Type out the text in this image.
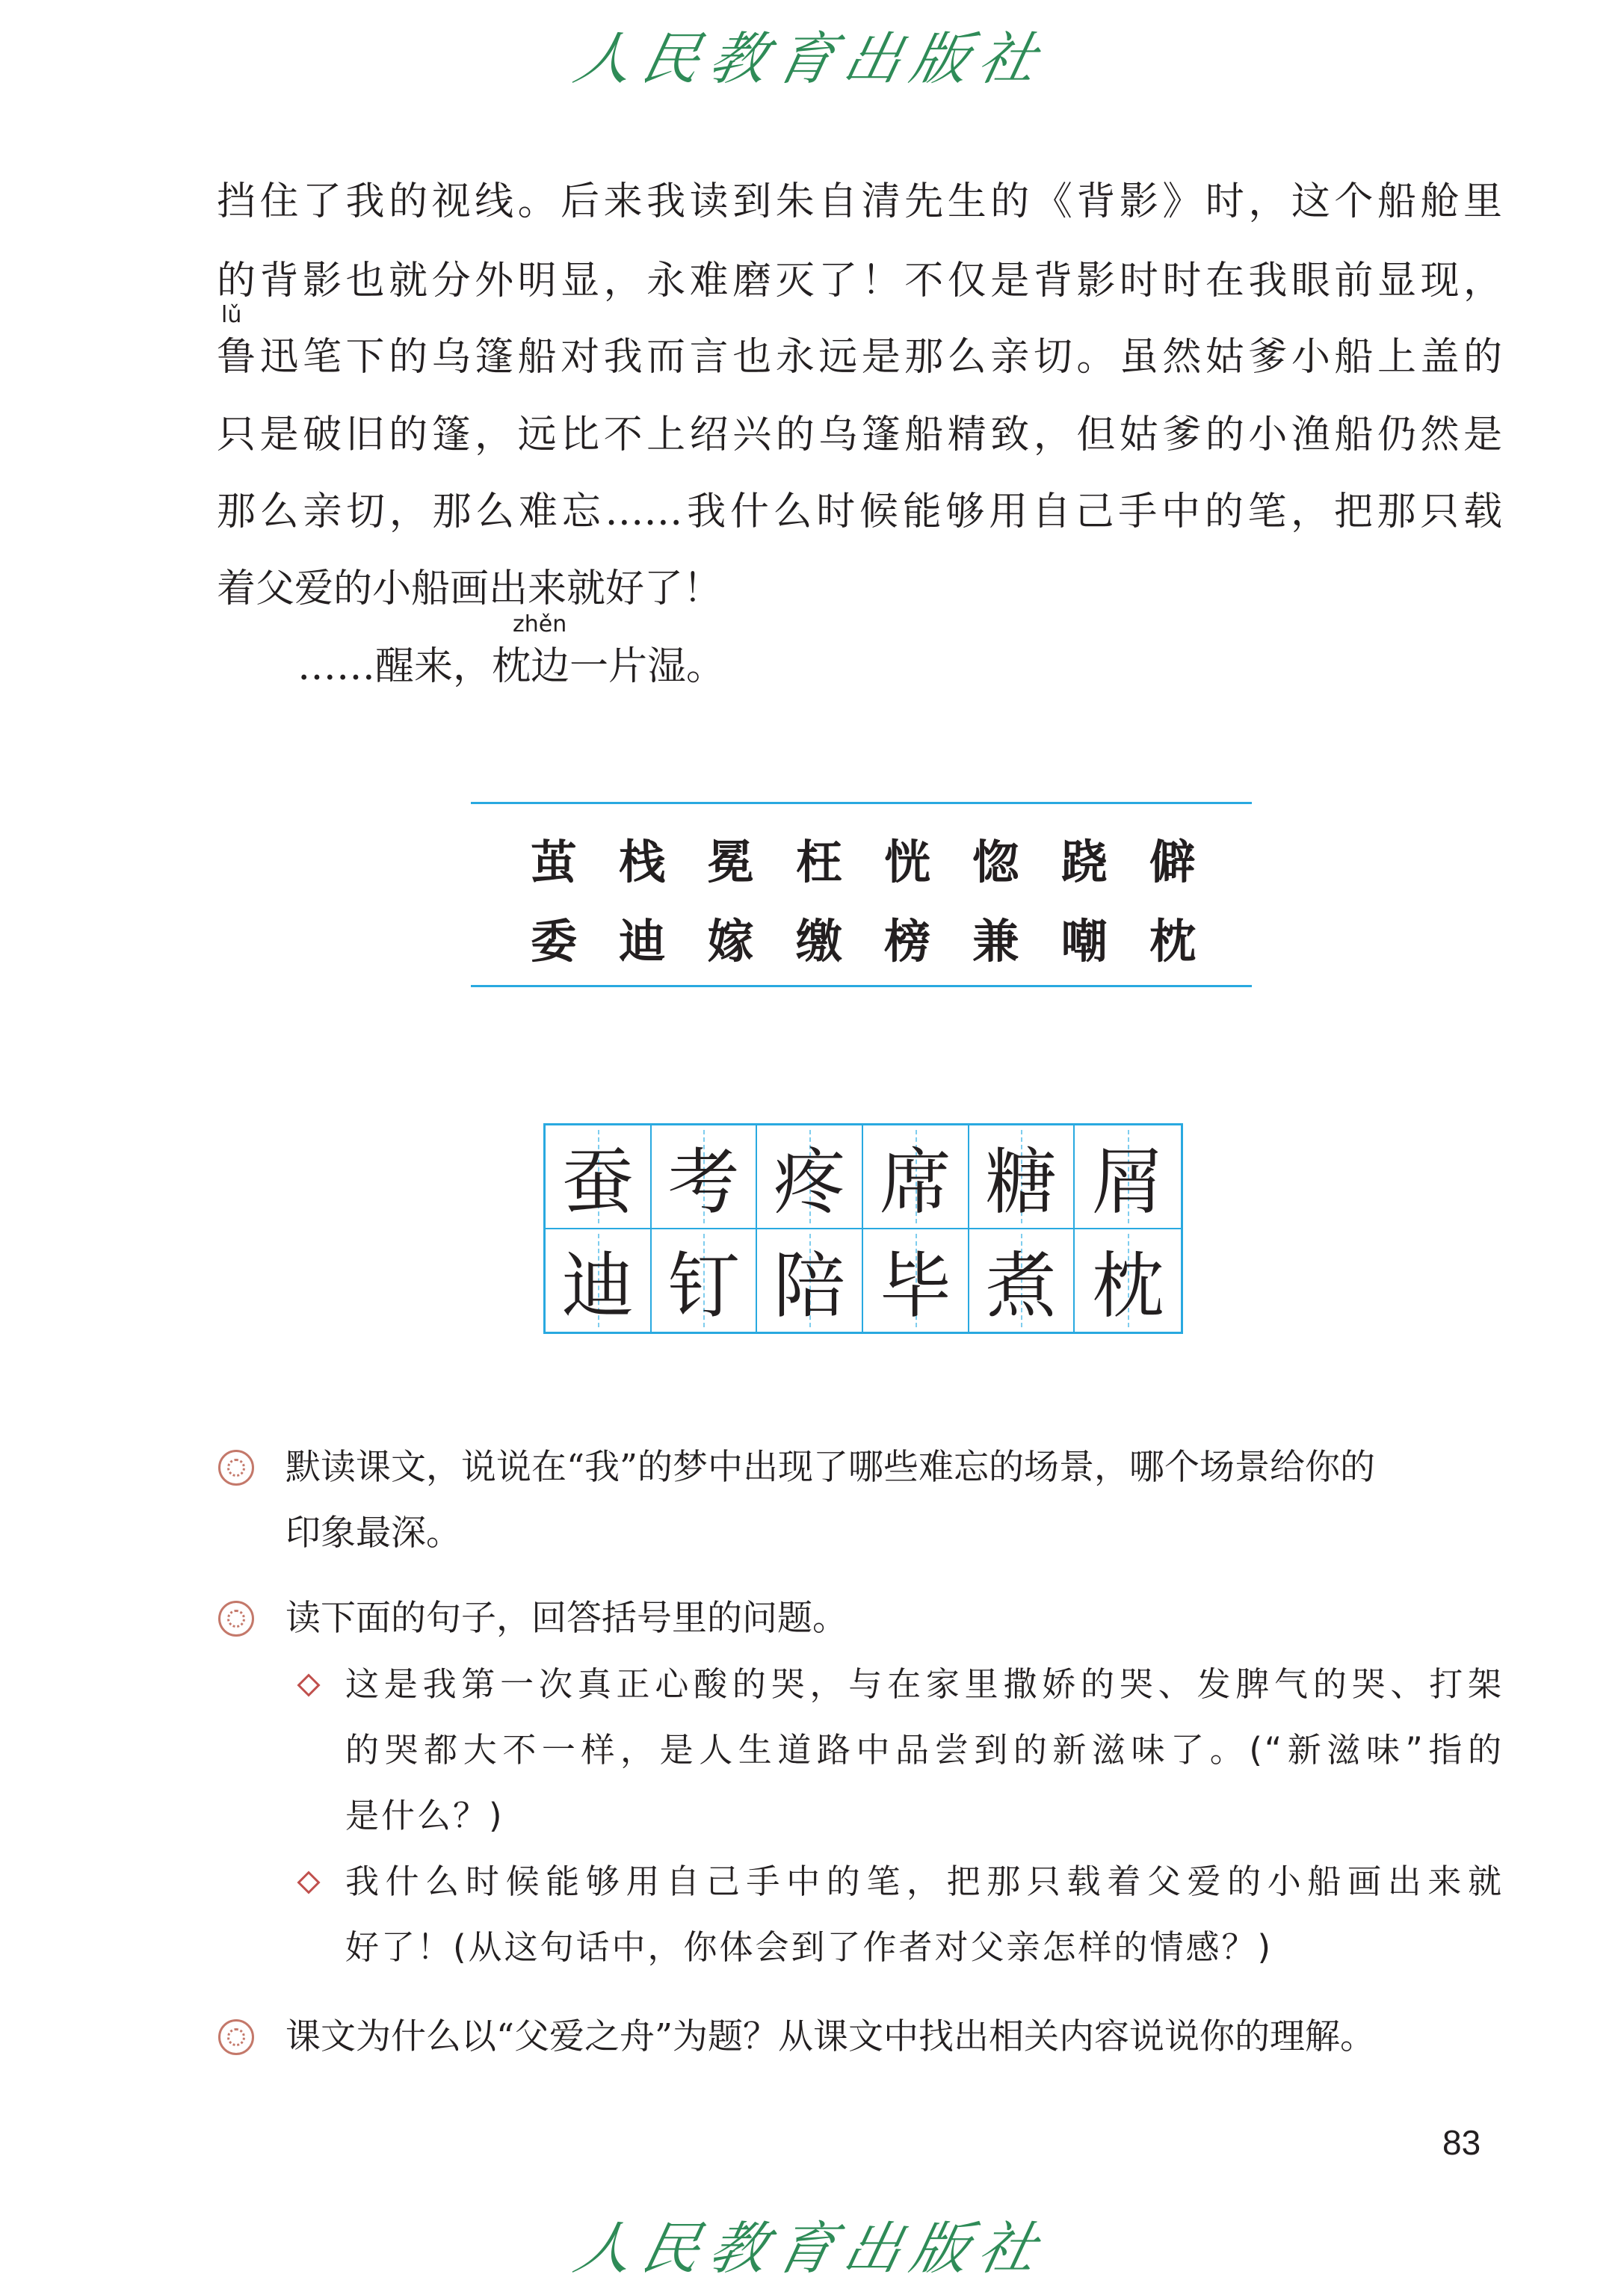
人民教育出版社
挡住了我的视线。后来我读到朱自清先生的《背影》时，这个船舱里
的背影也就分外明显，永难磨灭了！不仅是背影时时在我眼前显现，
lǔ
鲁迅笔下的乌篷船对我而言也永远是那么亲切。虽然姑爹小船上盖的
只是破旧的篷，远比不上绍兴的乌篷船精致，但姑爹的小渔船仍然是
那么亲切，那么难忘……我什么时候能够用自己手中的笔，把那只载
着父爱的小船画出来就好了！
zhěn
……醒来，枕边一片湿。
茧 栈 冕 枉 恍 惚 跷 僻
委 迪 嫁 缴 榜 兼 嘲 枕
蚕 考 疼 席 糖 屑
迪 钉 陪 毕 煮 枕
默读课文，说说在“我”的梦中出现了哪些难忘的场景，哪个场景给你的
印象最深。
读下面的句子，回答括号里的问题。
这是我第一次真正心酸的哭，与在家里撒娇的哭、发脾气的哭、打架
的哭都大不一样，是人生道路中品尝到的新滋味了。(“新滋味”指的
是什么？)
我什么时候能够用自己手中的笔，把那只载着父爱的小船画出来就
好了！(从这句话中，你体会到了作者对父亲怎样的情感？)
课文为什么以“父爱之舟”为题？从课文中找出相关内容说说你的理解。
83
人民教育出版社
